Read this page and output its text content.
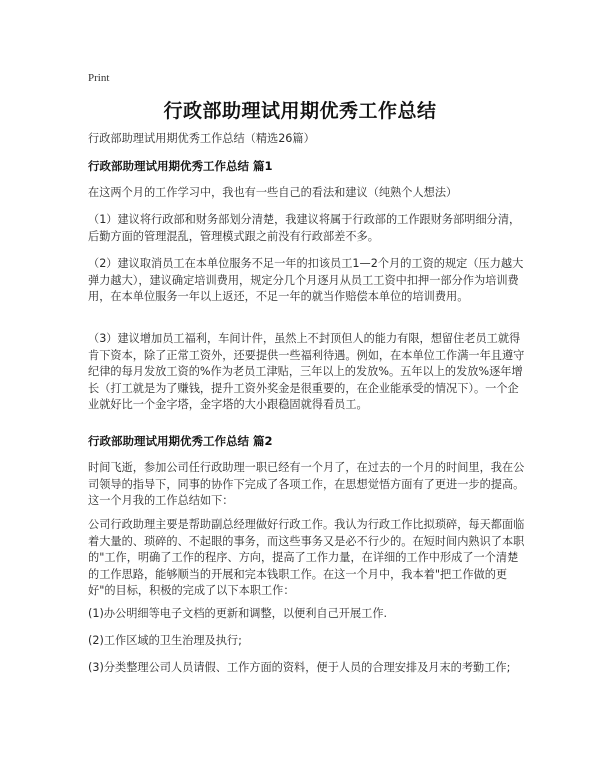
Print
行政部助理试用期优秀工作总结
行政部助理试用期优秀工作总结（精选26篇）
行政部助理试用期优秀工作总结 篇1
在这两个月的工作学习中，我也有一些自己的看法和建议（纯熟个人想法）
（1）建议将行政部和财务部划分清楚，我建议将属于行政部的工作跟财务部明细分清，后勤方面的管理混乱，管理模式跟之前没有行政部差不多。
（2）建议取消员工在本单位服务不足一年的扣该员工1—2个月的工资的规定（压力越大弹力越大），建议确定培训费用，规定分几个月逐月从员工工资中扣押一部分作为培训费用，在本单位服务一年以上返还，不足一年的就当作赔偿本单位的培训费用。
（3）建议增加员工福利，车间计件，虽然上不封顶但人的能力有限，想留住老员工就得肯下资本，除了正常工资外，还要提供一些福利待遇。例如，在本单位工作满一年且遵守纪律的每月发放工资的%作为老员工津贴，三年以上的发放%。五年以上的发放%逐年增长（打工就是为了赚钱，提升工资外奖金是很重要的，在企业能承受的情况下）。一个企业就好比一个金字塔，金字塔的大小跟稳固就得看员工。
行政部助理试用期优秀工作总结 篇2
时间飞逝，参加公司任行政助理一职已经有一个月了，在过去的一个月的时间里，我在公司领导的指导下，同事的协作下完成了各项工作，在思想觉悟方面有了更进一步的提高。这一个月我的工作总结如下：
公司行政助理主要是帮助副总经理做好行政工作。我认为行政工作比拟琐碎，每天都面临着大量的、琐碎的、不起眼的事务，而这些事务又是必不行少的。在短时间内熟识了本职的"工作，明确了工作的程序、方向，提高了工作力量，在详细的工作中形成了一个清楚的工作思路，能够顺当的开展和完本钱职工作。在这一个月中，我本着"把工作做的更好"的目标，积极的完成了以下本职工作：
(1)办公明细等电子文档的更新和调整，以便利自己开展工作.
(2)工作区域的卫生治理及执行;
(3)分类整理公司人员请假、工作方面的资料，便于人员的合理安排及月末的考勤工作;
